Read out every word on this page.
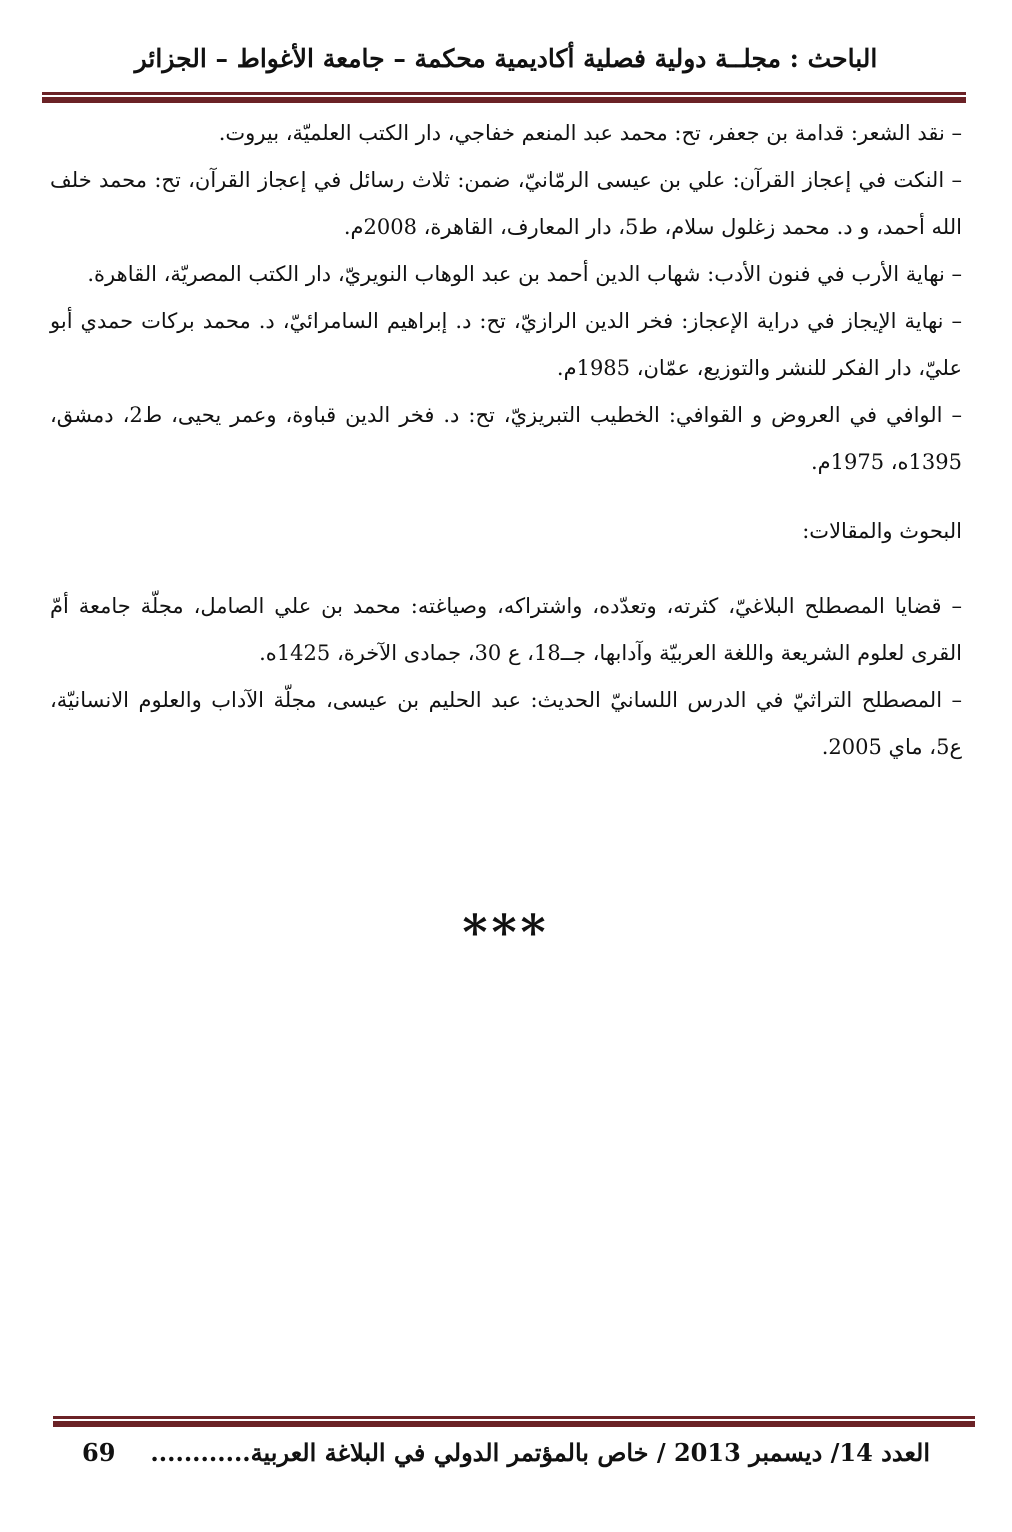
الباحث : مجلــة دولية فصلية أكاديمية محكمة – جامعة الأغواط – الجزائر
– نقد الشعر: قدامة بن جعفر، تح: محمد عبد المنعم خفاجي، دار الكتب العلميّة، بيروت.
– النكت في إعجاز القرآن: علي بن عيسى الرمّانيّ، ضمن: ثلاث رسائل في إعجاز القرآن، تح: محمد خلف الله أحمد، و د. محمد زغلول سلام، ط5، دار المعارف، القاهرة، 2008م.
– نهاية الأرب في فنون الأدب: شهاب الدين أحمد بن عبد الوهاب النويريّ، دار الكتب المصريّة، القاهرة.
– نهاية الإيجاز في دراية الإعجاز: فخر الدين الرازيّ، تح: د. إبراهيم السامرائيّ، د. محمد بركات حمدي أبو عليّ، دار الفكر للنشر والتوزيع، عمّان، 1985م.
– الوافي في العروض و القوافي: الخطيب التبريزيّ، تح: د. فخر الدين قباوة، وعمر يحيى، ط2، دمشق، 1395ه، 1975م.
البحوث والمقالات:
– قضايا المصطلح البلاغيّ، كثرته، وتعدّده، واشتراكه، وصياغته: محمد بن علي الصامل، مجلّة جامعة أمّ القرى لعلوم الشريعة واللغة العربيّة وآدابها، جــ18، ع 30، جمادى الآخرة، 1425ه.
– المصطلح التراثيّ في الدرس اللسانيّ الحديث: عبد الحليم بن عيسى، مجلّة الآداب والعلوم الانسانيّة، ع5، ماي 2005.
***
العدد 14/ ديسمبر 2013 / خاص بالمؤتمر الدولي في البلاغة العربية............
69
